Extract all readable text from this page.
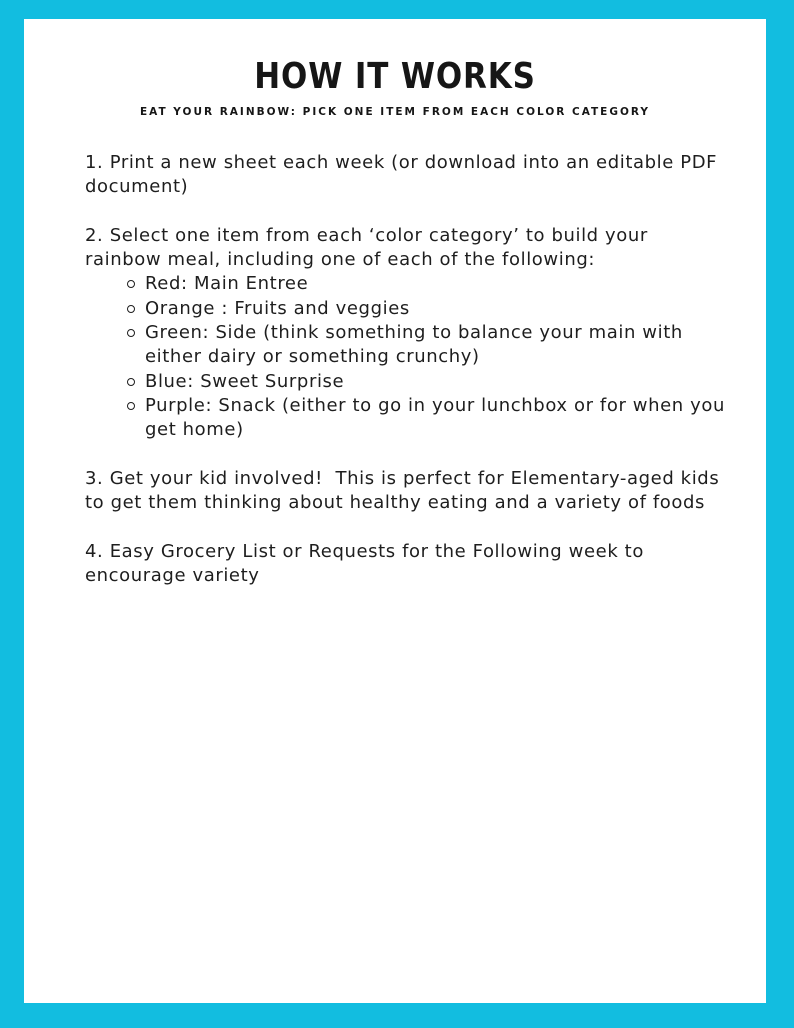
HOW IT WORKS
EAT YOUR RAINBOW: PICK ONE ITEM FROM EACH COLOR CATEGORY
1. Print a new sheet each week (or download into an editable PDF document)
2. Select one item from each ‘color category’ to build your rainbow meal, including one of each of the following:
Red: Main Entree
Orange : Fruits and veggies
Green: Side (think something to balance your main with either dairy or something crunchy)
Blue: Sweet Surprise
Purple: Snack (either to go in your lunchbox or for when you get home)
3. Get your kid involved!  This is perfect for Elementary-aged kids to get them thinking about healthy eating and a variety of foods
4. Easy Grocery List or Requests for the Following week to encourage variety
